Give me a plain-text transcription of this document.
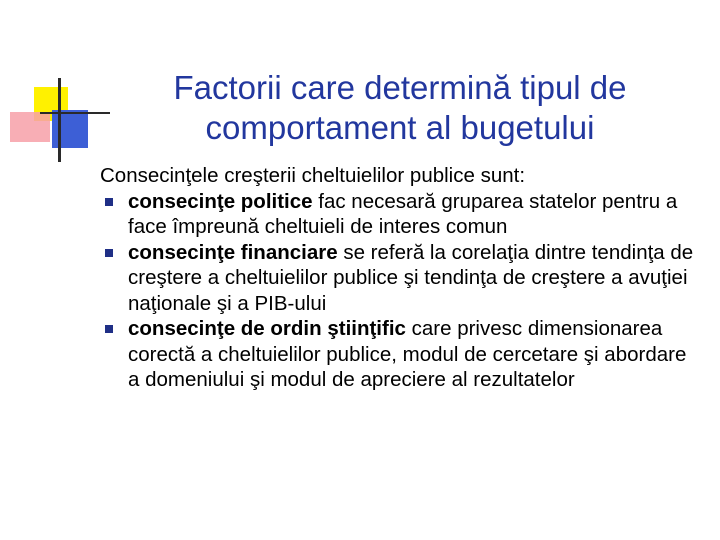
Factorii care determină tipul de comportament al bugetului

Consecinţele creşterii cheltuielilor publice sunt:

consecinţe politice fac necesară gruparea statelor pentru a face împreună cheltuieli de interes comun
consecinţe financiare se referă la corelaţia dintre tendinţa de creştere a cheltuielilor publice şi tendinţa de creştere a avuţiei naţionale şi a PIB-ului
consecinţe de ordin ştiinţific care privesc dimensionarea corectă a cheltuielilor publice, modul de cercetare şi abordare a domeniului şi modul de apreciere al rezultatelor
